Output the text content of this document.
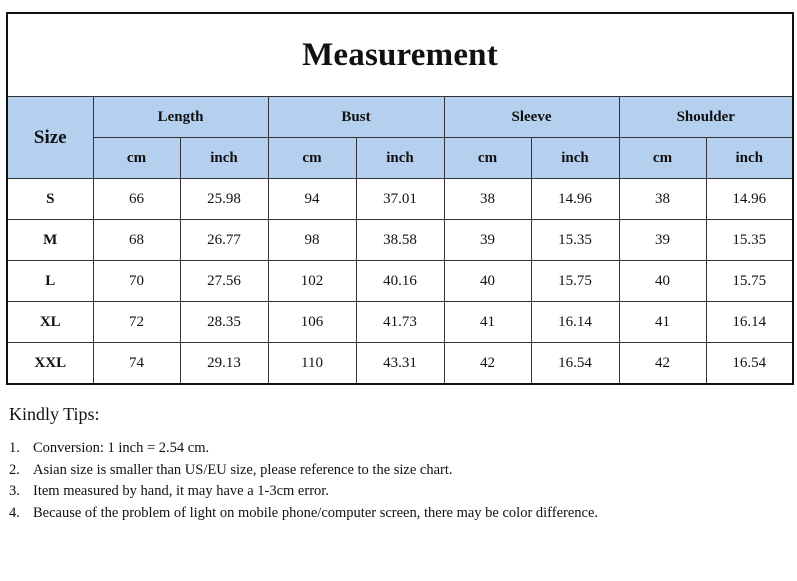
Measurement								
Size	Length		Bust		Sleeve		Shoulder	
	cm	inch	cm	inch	cm	inch	cm	inch
S	66	25.98	94	37.01	38	14.96	38	14.96
M	68	26.77	98	38.58	39	15.35	39	15.35
L	70	27.56	102	40.16	40	15.75	40	15.75
XL	72	28.35	106	41.73	41	16.14	41	16.14
XXL	74	29.13	110	43.31	42	16.54	42	16.54

Kindly Tips:

1. Conversion: 1 inch = 2.54 cm.
2. Asian size is smaller than US/EU size, please reference to the size chart.
3. Item measured by hand, it may have a 1-3cm error.
4. Because of the problem of light on mobile phone/computer screen, there may be color difference.
